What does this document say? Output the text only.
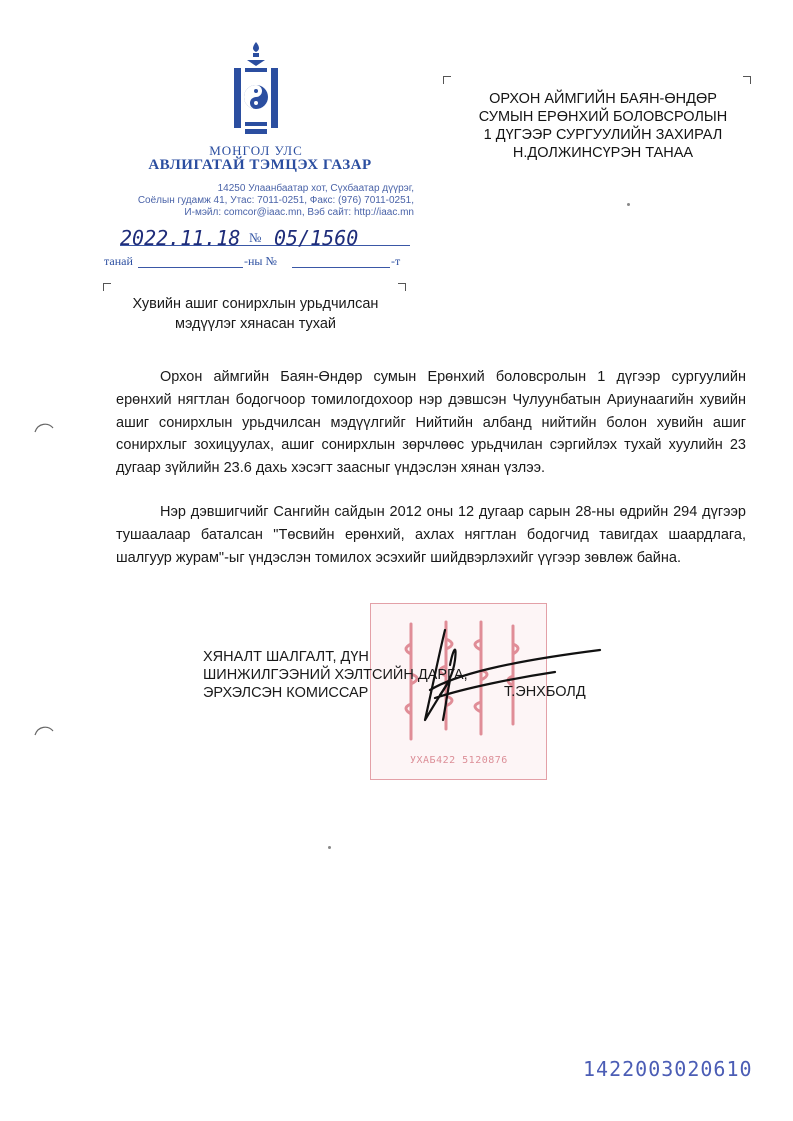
МОНГОЛ УЛС
АВЛИГАТАЙ ТЭМЦЭХ ГАЗАР
14250 Улаанбаатар хот, Сүхбаатар дүүрэг,
Соёлын гудамж 41, Утас: 7011-0251, Факс: (976) 7011-0251,
И-мэйл: comcor@iaac.mn, Вэб сайт: http://iaac.mn
2022.11.18 № 05/1560
танай	-ны №	-т
ОРХОН АЙМГИЙН БАЯН-ӨНДӨР
СУМЫН ЕРӨНХИЙ БОЛОВСРОЛЫН
1 ДҮГЭЭР СУРГУУЛИЙН ЗАХИРАЛ
Н.ДОЛЖИНСҮРЭН ТАНАА
Хувийн ашиг сонирхлын урьдчилсан
мэдүүлэг хянасан тухай
Орхон аймгийн Баян-Өндөр сумын Ерөнхий боловсролын 1 дүгээр сургуулийн ерөнхий нягтлан бодогчоор томилогдохоор нэр дэвшсэн Чулуунбатын Ариунаагийн хувийн ашиг сонирхлын урьдчилсан мэдүүлгийг Нийтийн албанд нийтийн болон хувийн ашиг сонирхлыг зохицуулах, ашиг сонирхлын зөрчлөөс урьдчилан сэргийлэх тухай хуулийн 23 дугаар зүйлийн 23.6 дахь хэсэгт заасныг үндэслэн хянан үзлээ.
Нэр дэвшигчийг Сангийн сайдын 2012 оны 12 дугаар сарын 28-ны өдрийн 294 дүгээр тушаалаар баталсан "Төсвийн ерөнхий, ахлах нягтлан бодогчид тавигдах шаардлага, шалгуур журам"-ыг үндэслэн томилох эсэхийг шийдвэрлэхийг үүгээр зөвлөж байна.
УХАБ422 5120876
ХЯНАЛТ ШАЛГАЛТ, ДҮН
ШИНЖИЛГЭЭНИЙ ХЭЛТСИЙН ДАРГА,
ЭРХЭЛСЭН КОМИССАР	Т.ЭНХБОЛД
1422003020610
